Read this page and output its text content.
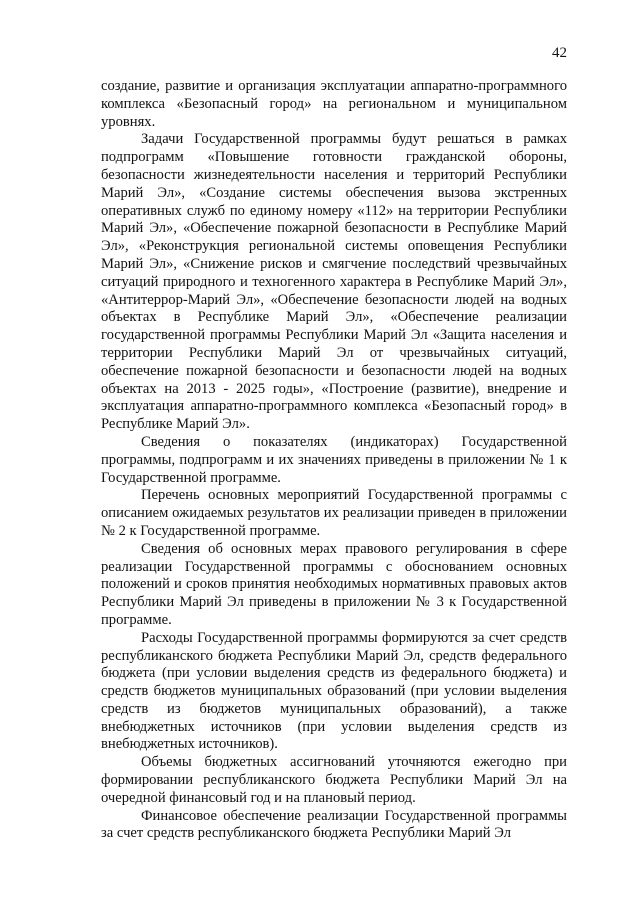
42

создание, развитие и организация эксплуатации аппаратно-программного комплекса «Безопасный город» на региональном и муниципальном уровнях.

Задачи Государственной программы будут решаться в рамках подпрограмм «Повышение готовности гражданской обороны, безопасности жизнедеятельности населения и территорий Республики Марий Эл», «Создание системы обеспечения вызова экстренных оперативных служб по единому номеру «112» на территории Республики Марий Эл», «Обеспечение пожарной безопасности в Республике Марий Эл», «Реконструкция региональной системы оповещения Республики Марий Эл», «Снижение рисков и смягчение последствий чрезвычайных ситуаций природного и техногенного характера в Республике Марий Эл», «Антитеррор-Марий Эл», «Обеспечение безопасности людей на водных объектах в Республике Марий Эл», «Обеспечение реализации государственной программы Республики Марий Эл «Защита населения и территории Республики Марий Эл от чрезвычайных ситуаций, обеспечение пожарной безопасности и безопасности людей на водных объектах на 2013 - 2025 годы», «Построение (развитие), внедрение и эксплуатация аппаратно-программного комплекса «Безопасный город» в Республике Марий Эл».

Сведения о показателях (индикаторах) Государственной программы, подпрограмм и их значениях приведены в приложении № 1 к Государственной программе.

Перечень основных мероприятий Государственной программы с описанием ожидаемых результатов их реализации приведен в приложении № 2 к Государственной программе.

Сведения об основных мерах правового регулирования в сфере реализации Государственной программы с обоснованием основных положений и сроков принятия необходимых нормативных правовых актов Республики Марий Эл приведены в приложении № 3 к Государственной программе.

Расходы Государственной программы формируются за счет средств республиканского бюджета Республики Марий Эл, средств федерального бюджета (при условии выделения средств из федерального бюджета) и средств бюджетов муниципальных образований (при условии выделения средств из бюджетов муниципальных образований), а также внебюджетных источников (при условии выделения средств из внебюджетных источников).

Объемы бюджетных ассигнований уточняются ежегодно при формировании республиканского бюджета Республики Марий Эл на очередной финансовый год и на плановый период.

Финансовое обеспечение реализации Государственной программы за счет средств республиканского бюджета Республики Марий Эл
